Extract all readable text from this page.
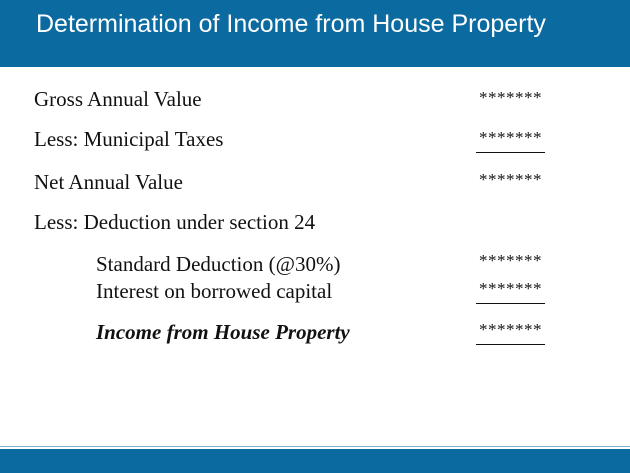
Determination of Income from House Property
Gross Annual Value	*******
Less: Municipal Taxes	*******
Net Annual Value	*******
Less: Deduction under section 24
Standard Deduction (@30%)	*******
Interest on borrowed capital	*******
Income from House Property	*******
